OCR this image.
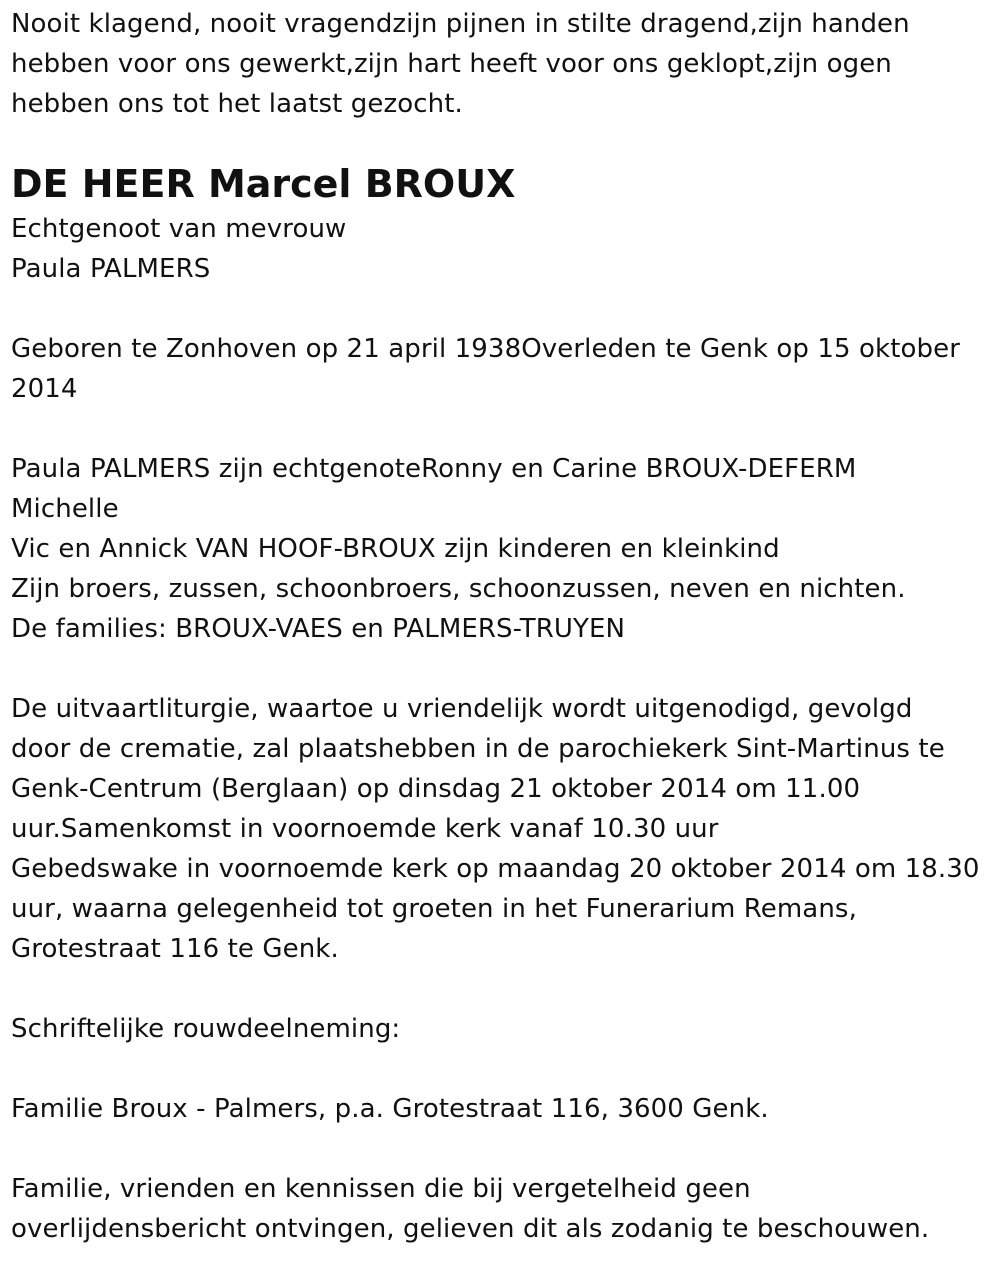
Nooit klagend, nooit vragendzijn pijnen in stilte dragend,zijn handen
hebben voor ons gewerkt,zijn hart heeft voor ons geklopt,zijn ogen
hebben ons tot het laatst gezocht.
DE HEER Marcel BROUX
Echtgenoot van mevrouw
Paula PALMERS
Geboren te Zonhoven op 21 april 1938Overleden te Genk op 15 oktober
2014
Paula PALMERS zijn echtgenoteRonny en Carine BROUX-DEFERM
Michelle
Vic en Annick VAN HOOF-BROUX zijn kinderen en kleinkind
Zijn broers, zussen, schoonbroers, schoonzussen, neven en nichten.
De families: BROUX-VAES en PALMERS-TRUYEN
De uitvaartliturgie, waartoe u vriendelijk wordt uitgenodigd, gevolgd
door de crematie, zal plaatshebben in de parochiekerk Sint-Martinus te
Genk-Centrum (Berglaan) op dinsdag 21 oktober 2014 om 11.00
uur.Samenkomst in voornoemde kerk vanaf 10.30 uur
Gebedswake in voornoemde kerk op maandag 20 oktober 2014 om 18.30
uur, waarna gelegenheid tot groeten in het Funerarium Remans,
Grotestraat 116 te Genk.
Schriftelijke rouwdeelneming:
Familie Broux - Palmers, p.a. Grotestraat 116, 3600 Genk.
Familie, vrienden en kennissen die bij vergetelheid geen
overlijdensbericht ontvingen, gelieven dit als zodanig te beschouwen.
